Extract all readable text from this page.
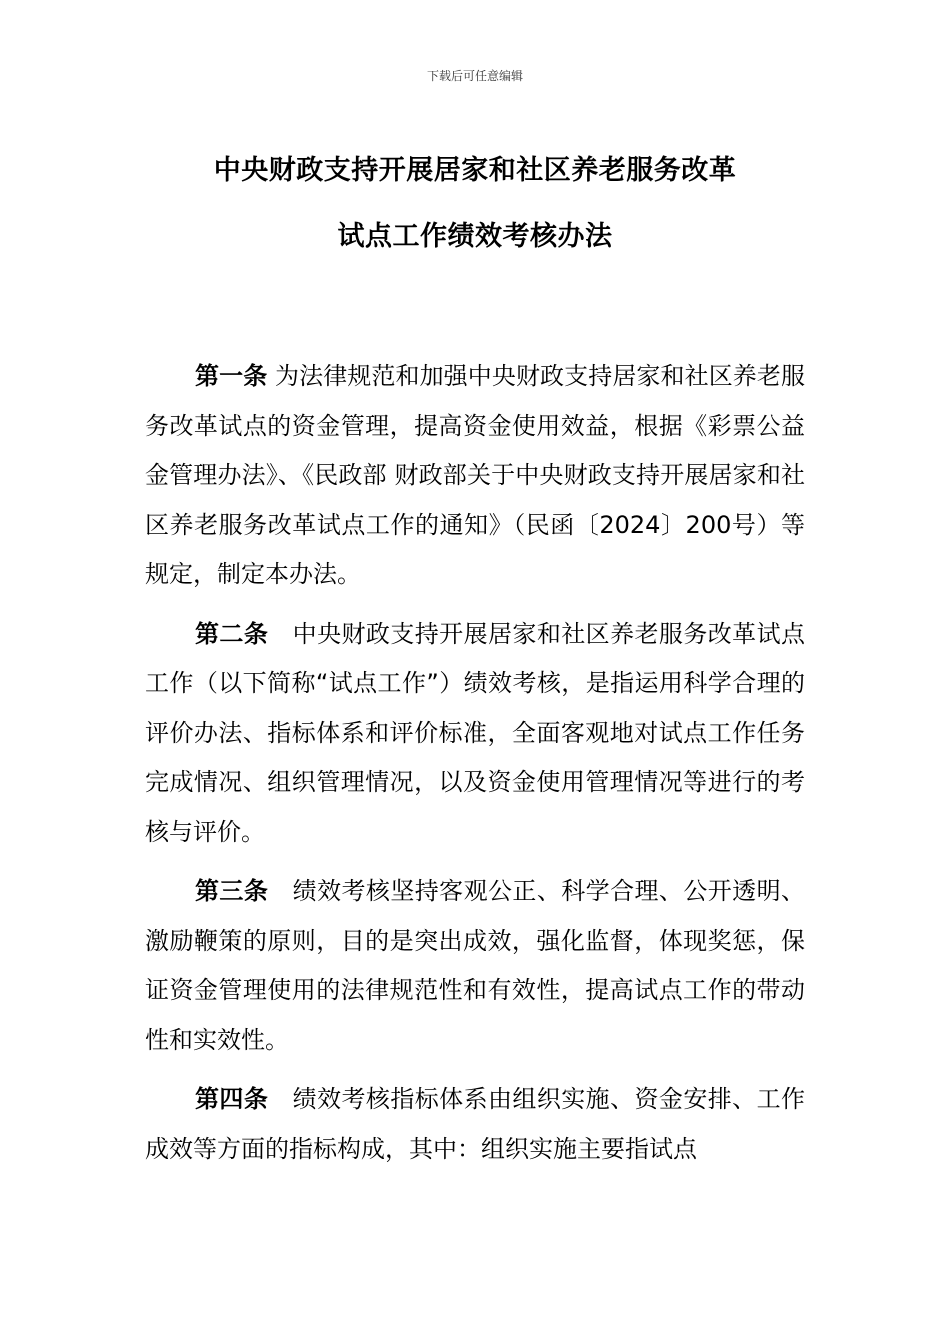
下载后可任意编辑
中央财政支持开展居家和社区养老服务改革
试点工作绩效考核办法

第一条 为法律规范和加强中央财政支持居家和社区养老服务改革试点的资金管理，提高资金使用效益，根据《彩票公益金管理办法》、《民政部 财政部关于中央财政支持开展居家和社区养老服务改革试点工作的通知》（民函〔2024〕200号）等规定，制定本办法。

第二条　中央财政支持开展居家和社区养老服务改革试点工作（以下简称“试点工作”）绩效考核，是指运用科学合理的评价办法、指标体系和评价标准，全面客观地对试点工作任务完成情况、组织管理情况，以及资金使用管理情况等进行的考核与评价。

第三条　绩效考核坚持客观公正、科学合理、公开透明、激励鞭策的原则，目的是突出成效，强化监督，体现奖惩，保证资金管理使用的法律规范性和有效性，提高试点工作的带动性和实效性。

第四条　绩效考核指标体系由组织实施、资金安排、工作成效等方面的指标构成，其中：组织实施主要指试点
